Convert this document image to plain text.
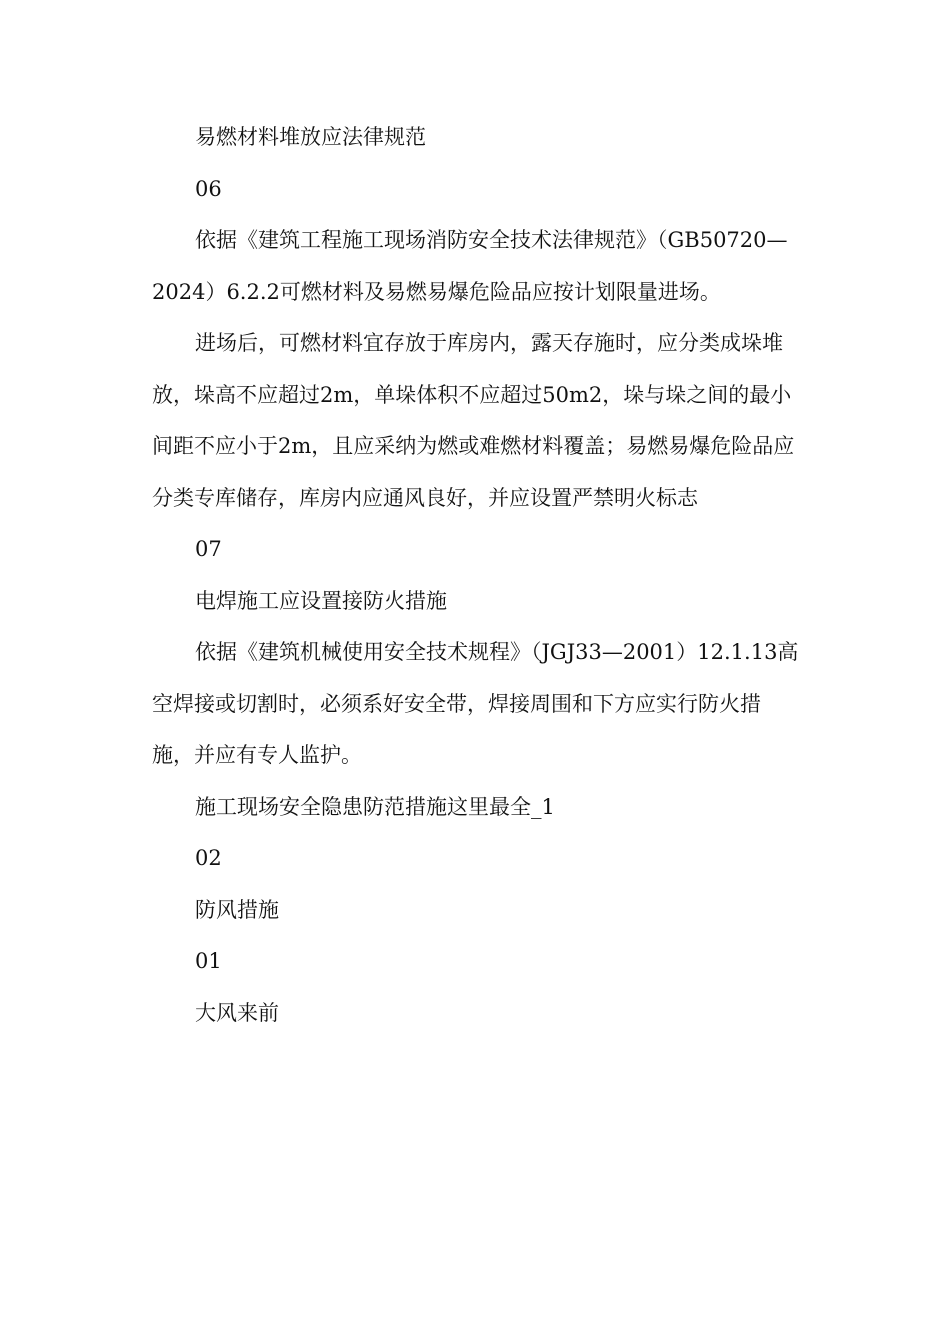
易燃材料堆放应法律规范

06

依据《建筑工程施工现场消防安全技术法律规范》（GB50720—2024）6.2.2可燃材料及易燃易爆危险品应按计划限量进场。

进场后，可燃材料宜存放于库房内，露天存施时，应分类成垛堆放，垛高不应超过2m，单垛体积不应超过50m2，垛与垛之间的最小间距不应小于2m，且应采纳为燃或难燃材料覆盖；易燃易爆危险品应分类专库储存，库房内应通风良好，并应设置严禁明火标志

07

电焊施工应设置接防火措施

依据《建筑机械使用安全技术规程》（JGJ33—2001）12.1.13高空焊接或切割时，必须系好安全带，焊接周围和下方应实行防火措施，并应有专人监护。

施工现场安全隐患防范措施这里最全_1

02

防风措施

01

大风来前
